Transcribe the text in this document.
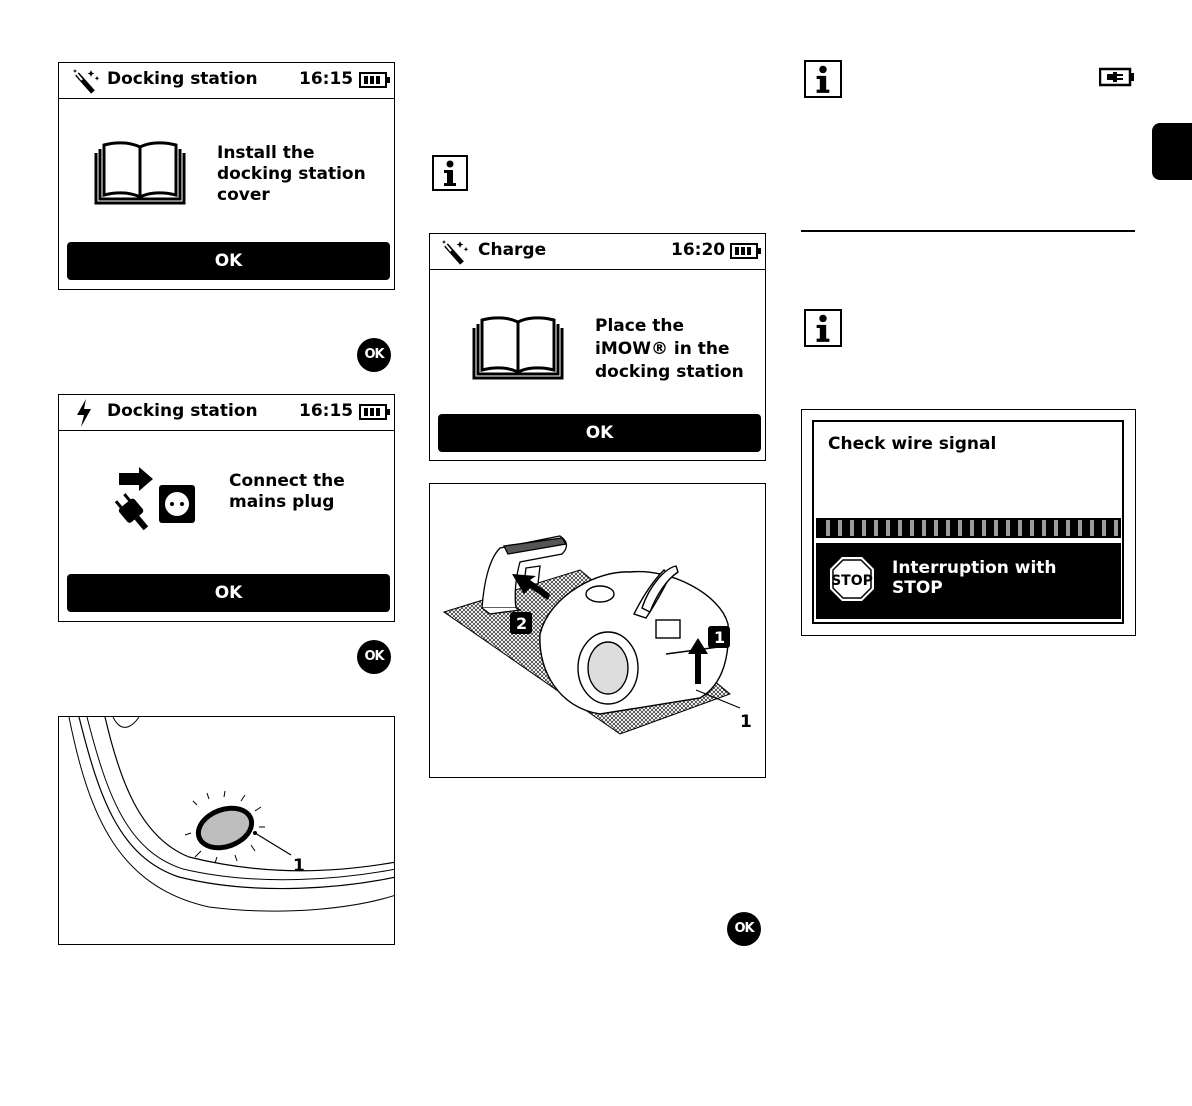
Docking station 16:15
Install the
docking station
cover
OK
OK
Docking station 16:15
Connect the
mains plug
OK
OK
1
Charge	16:20
Place the
iMOW® in the
docking station
OK
2
1
1
OK
Check wire signal
STOP
Interruption with
STOP
